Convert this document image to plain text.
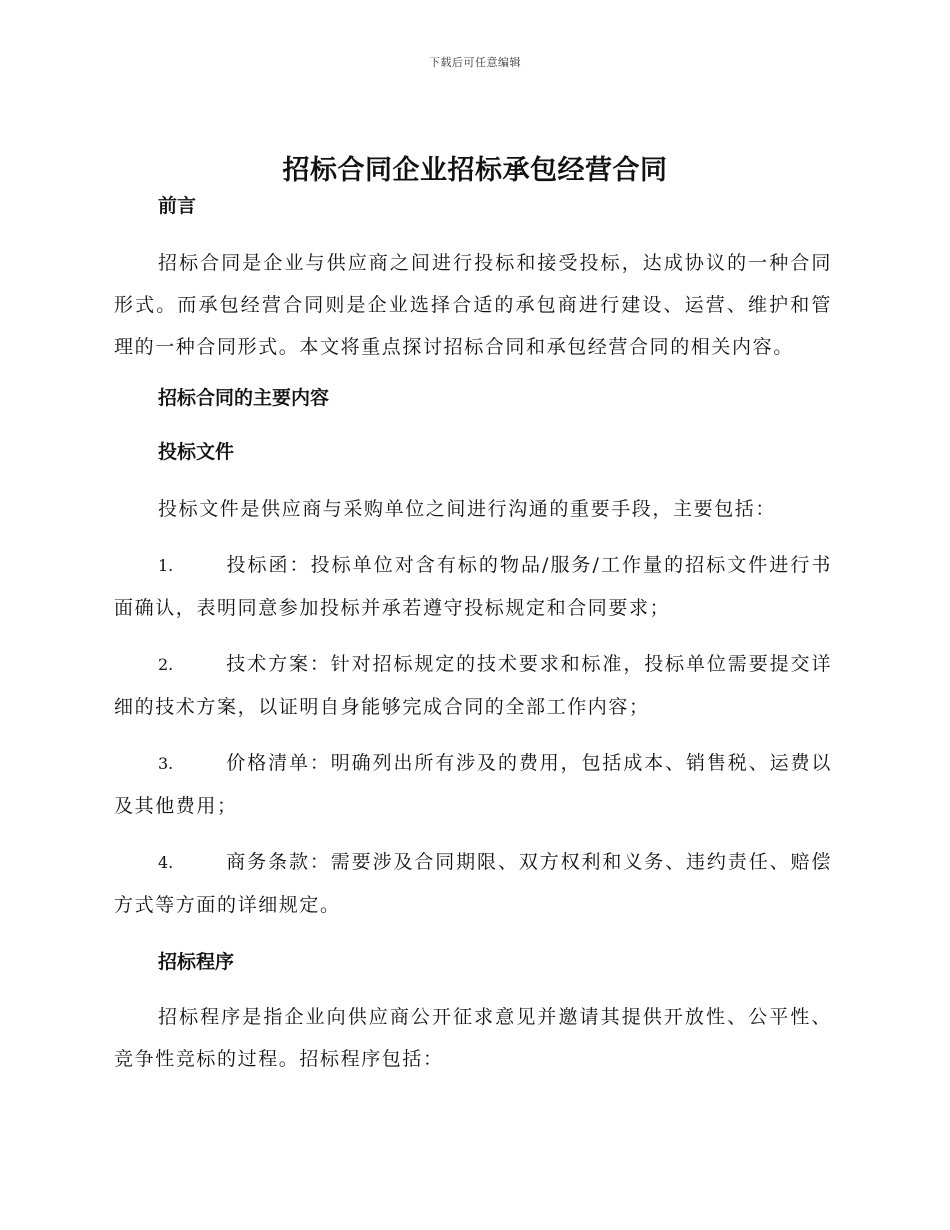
下载后可任意编辑
招标合同企业招标承包经营合同
前言
招标合同是企业与供应商之间进行投标和接受投标，达成协议的一种合同形式。而承包经营合同则是企业选择合适的承包商进行建设、运营、维护和管理的一种合同形式。本文将重点探讨招标合同和承包经营合同的相关内容。
招标合同的主要内容
投标文件
投标文件是供应商与采购单位之间进行沟通的重要手段，主要包括：
1.	投标函：投标单位对含有标的物品/服务/工作量的招标文件进行书面确认，表明同意参加投标并承若遵守投标规定和合同要求；
2.	技术方案：针对招标规定的技术要求和标准，投标单位需要提交详细的技术方案，以证明自身能够完成合同的全部工作内容；
3.	价格清单：明确列出所有涉及的费用，包括成本、销售税、运费以及其他费用；
4.	商务条款：需要涉及合同期限、双方权利和义务、违约责任、赔偿方式等方面的详细规定。
招标程序
招标程序是指企业向供应商公开征求意见并邀请其提供开放性、公平性、竞争性竞标的过程。招标程序包括：
